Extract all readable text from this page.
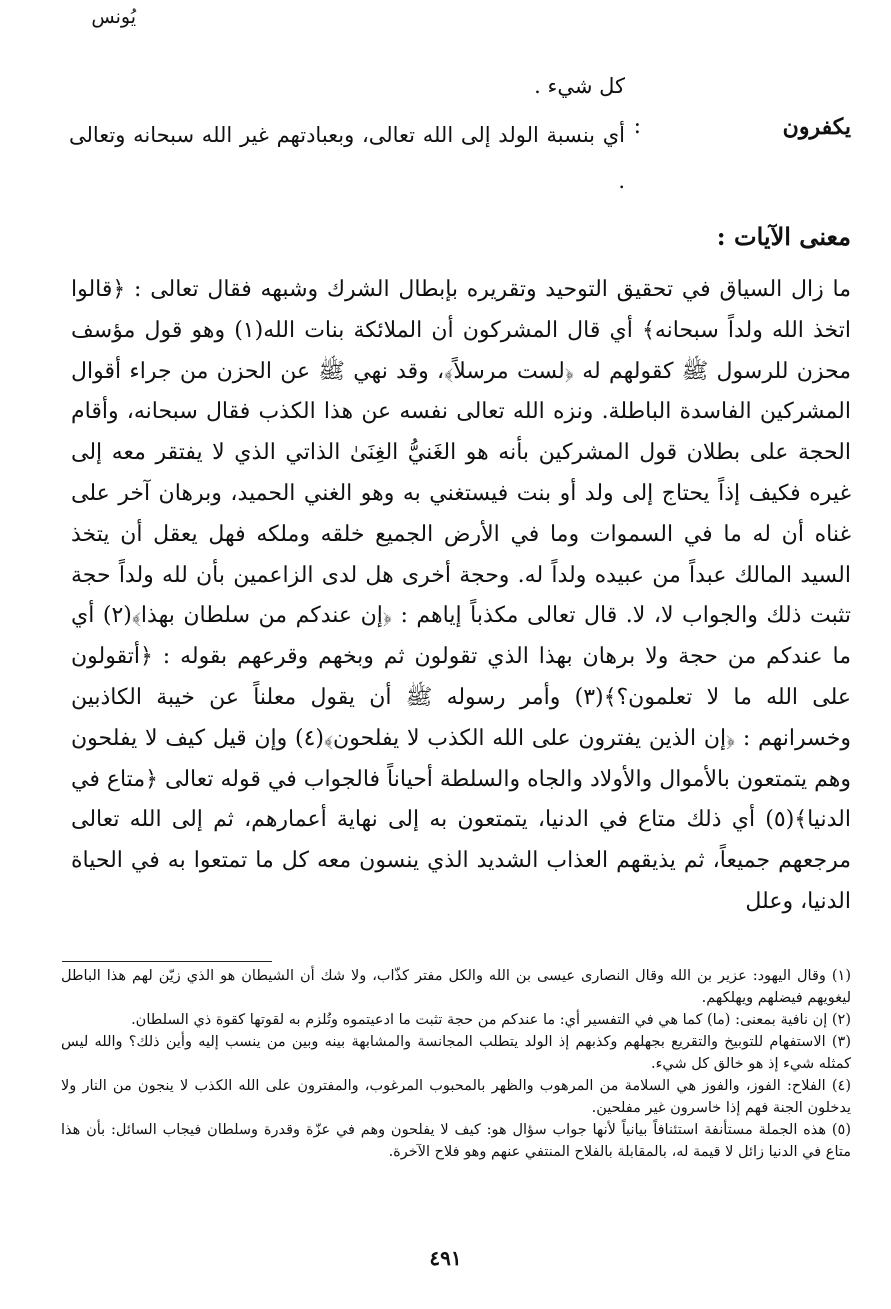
يُونس
كل شيء .
يكفرون
:
أي بنسبة الولد إلى الله تعالى، وبعبادتهم غير الله سبحانه وتعالى .
معنى الآيات :

ما زال السياق في تحقيق التوحيد وتقريره بإبطال الشرك وشبهه فقال تعالى : ﴿قالوا اتخذ الله ولداً سبحانه﴾ أي قال المشركون أن الملائكة بنات الله(١) وهو قول مؤسف محزن للرسول ﷺ كقولهم له ﴿لست مرسلاً﴾، وقد نهي ﷺ عن الحزن من جراء أقوال المشركين الفاسدة الباطلة. ونزه الله تعالى نفسه عن هذا الكذب فقال سبحانه، وأقام الحجة على بطلان قول المشركين بأنه هو الغَنيُّ الغِنَىٰ الذاتي الذي لا يفتقر معه إلى غيره فكيف إذاً يحتاج إلى ولد أو بنت فيستغني به وهو الغني الحميد، وبرهان آخر على غناه أن له ما في السموات وما في الأرض الجميع خلقه وملكه فهل يعقل أن يتخذ السيد المالك عبداً من عبيده ولداً له. وحجة أخرى هل لدى الزاعمين بأن لله ولداً حجة تثبت ذلك والجواب لا، لا. قال تعالى مكذباً إياهم : ﴿إن عندكم من سلطان بهذا﴾(٢) أي ما عندكم من حجة ولا برهان بهذا الذي تقولون ثم وبخهم وقرعهم بقوله : ﴿أتقولون على الله ما لا تعلمون؟﴾(٣) وأمر رسوله ﷺ أن يقول معلناً عن خيبة الكاذبين وخسرانهم : ﴿إن الذين يفترون على الله الكذب لا يفلحون﴾(٤) وإن قيل كيف لا يفلحون وهم يتمتعون بالأموال والأولاد والجاه والسلطة أحياناً فالجواب في قوله تعالى ﴿متاع في الدنيا﴾(٥) أي ذلك متاع في الدنيا، يتمتعون به إلى نهاية أعمارهم، ثم إلى الله تعالى مرجعهم جميعاً، ثم يذيقهم العذاب الشديد الذي ينسون معه كل ما تمتعوا به في الحياة الدنيا، وعلل

(١) وقال اليهود: عزير بن الله وقال النصارى عيسى بن الله والكل مفتر كذّاب، ولا شك أن الشيطان هو الذي زيّن لهم هذا الباطل ليغويهم فيضلهم ويهلكهم.

(٢) إن نافية بمعنى: (ما) كما هي في التفسير أي: ما عندكم من حجة تثبت ما ادعيتموه وتُلزم به لقوتها كقوة ذي السلطان.

(٣) الاستفهام للتوبيخ والتقريع بجهلهم وكذبهم إذ الولد يتطلب المجانسة والمشابهة بينه وبين من ينسب إليه وأين ذلك؟ والله ليس كمثله شيء إذ هو خالق كل شيء.

(٤) الفلاح: الفوز، والفوز هي السلامة من المرهوب والظهر بالمحبوب المرغوب، والمفترون على الله الكذب لا ينجون من النار ولا يدخلون الجنة فهم إذا خاسرون غير مفلحين.

(٥) هذه الجملة مستأنفة استئنافاً بيانياً لأنها جواب سؤال هو: كيف لا يفلحون وهم في عزّة وقدرة وسلطان فيجاب السائل: بأن هذا متاع في الدنيا زائل لا قيمة له، بالمقابلة بالفلاح المنتفي عنهم وهو فلاح الآخرة.

٤٩١
